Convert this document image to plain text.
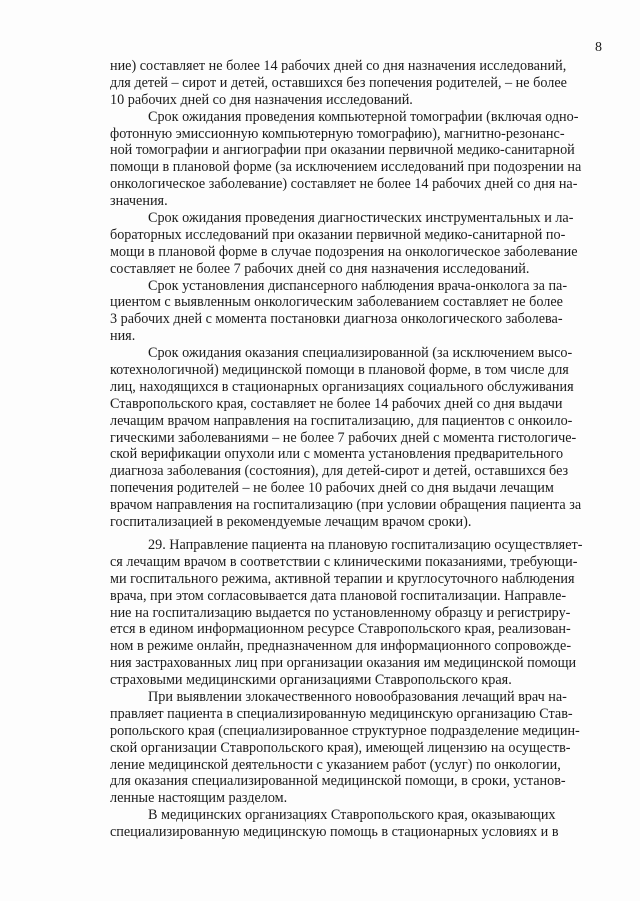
8
ние) составляет не более 14 рабочих дней со дня назначения исследований,
для детей – сирот и детей, оставшихся без попечения родителей, – не более
10 рабочих дней со дня назначения исследований.
Срок ожидания проведения компьютерной томографии (включая одно-
фотонную эмиссионную компьютерную томографию), магнитно-резонанс-
ной томографии и ангиографии при оказании первичной медико-санитарной
помощи в плановой форме (за исключением исследований при подозрении на
онкологическое заболевание) составляет не более 14 рабочих дней со дня на-
значения.
Срок ожидания проведения диагностических инструментальных и ла-
бораторных исследований при оказании первичной медико-санитарной по-
мощи в плановой форме в случае подозрения на онкологическое заболевание
составляет не более 7 рабочих дней со дня назначения исследований.
Срок установления диспансерного наблюдения врача-онколога за па-
циентом с выявленным онкологическим заболеванием составляет не более
3 рабочих дней с момента постановки диагноза онкологического заболева-
ния.
Срок ожидания оказания специализированной (за исключением высо-
котехнологичной) медицинской помощи в плановой форме, в том числе для
лиц, находящихся в стационарных организациях социального обслуживания
Ставропольского края, составляет не более 14 рабочих дней со дня выдачи
лечащим врачом направления на госпитализацию, для пациентов с онкоило-
гическими заболеваниями – не более 7 рабочих дней с момента гистологиче-
ской верификации опухоли или с момента установления предварительного
диагноза заболевания (состояния), для детей-сирот и детей, оставшихся без
попечения родителей – не более 10 рабочих дней со дня выдачи лечащим
врачом направления на госпитализацию (при условии обращения пациента за
госпитализацией в рекомендуемые лечащим врачом сроки).
29. Направление пациента на плановую госпитализацию осуществляет-
ся лечащим врачом в соответствии с клиническими показаниями, требующи-
ми госпитального режима, активной терапии и круглосуточного наблюдения
врача, при этом согласовывается дата плановой госпитализации. Направле-
ние на госпитализацию выдается по установленному образцу и регистриру-
ется в едином информационном ресурсе Ставропольского края, реализован-
ном в режиме онлайн, предназначенном для информационного сопровожде-
ния застрахованных лиц при организации оказания им медицинской помощи
страховыми медицинскими организациями Ставропольского края.
При выявлении злокачественного новообразования лечащий врач на-
правляет пациента в специализированную медицинскую организацию Став-
ропольского края (специализированное структурное подразделение медицин-
ской организации Ставропольского края), имеющей лицензию на осуществ-
ление медицинской деятельности с указанием работ (услуг) по онкологии,
для оказания специализированной медицинской помощи, в сроки, установ-
ленные настоящим разделом.
В медицинских организациях Ставропольского края, оказывающих
специализированную медицинскую помощь в стационарных условиях и в
